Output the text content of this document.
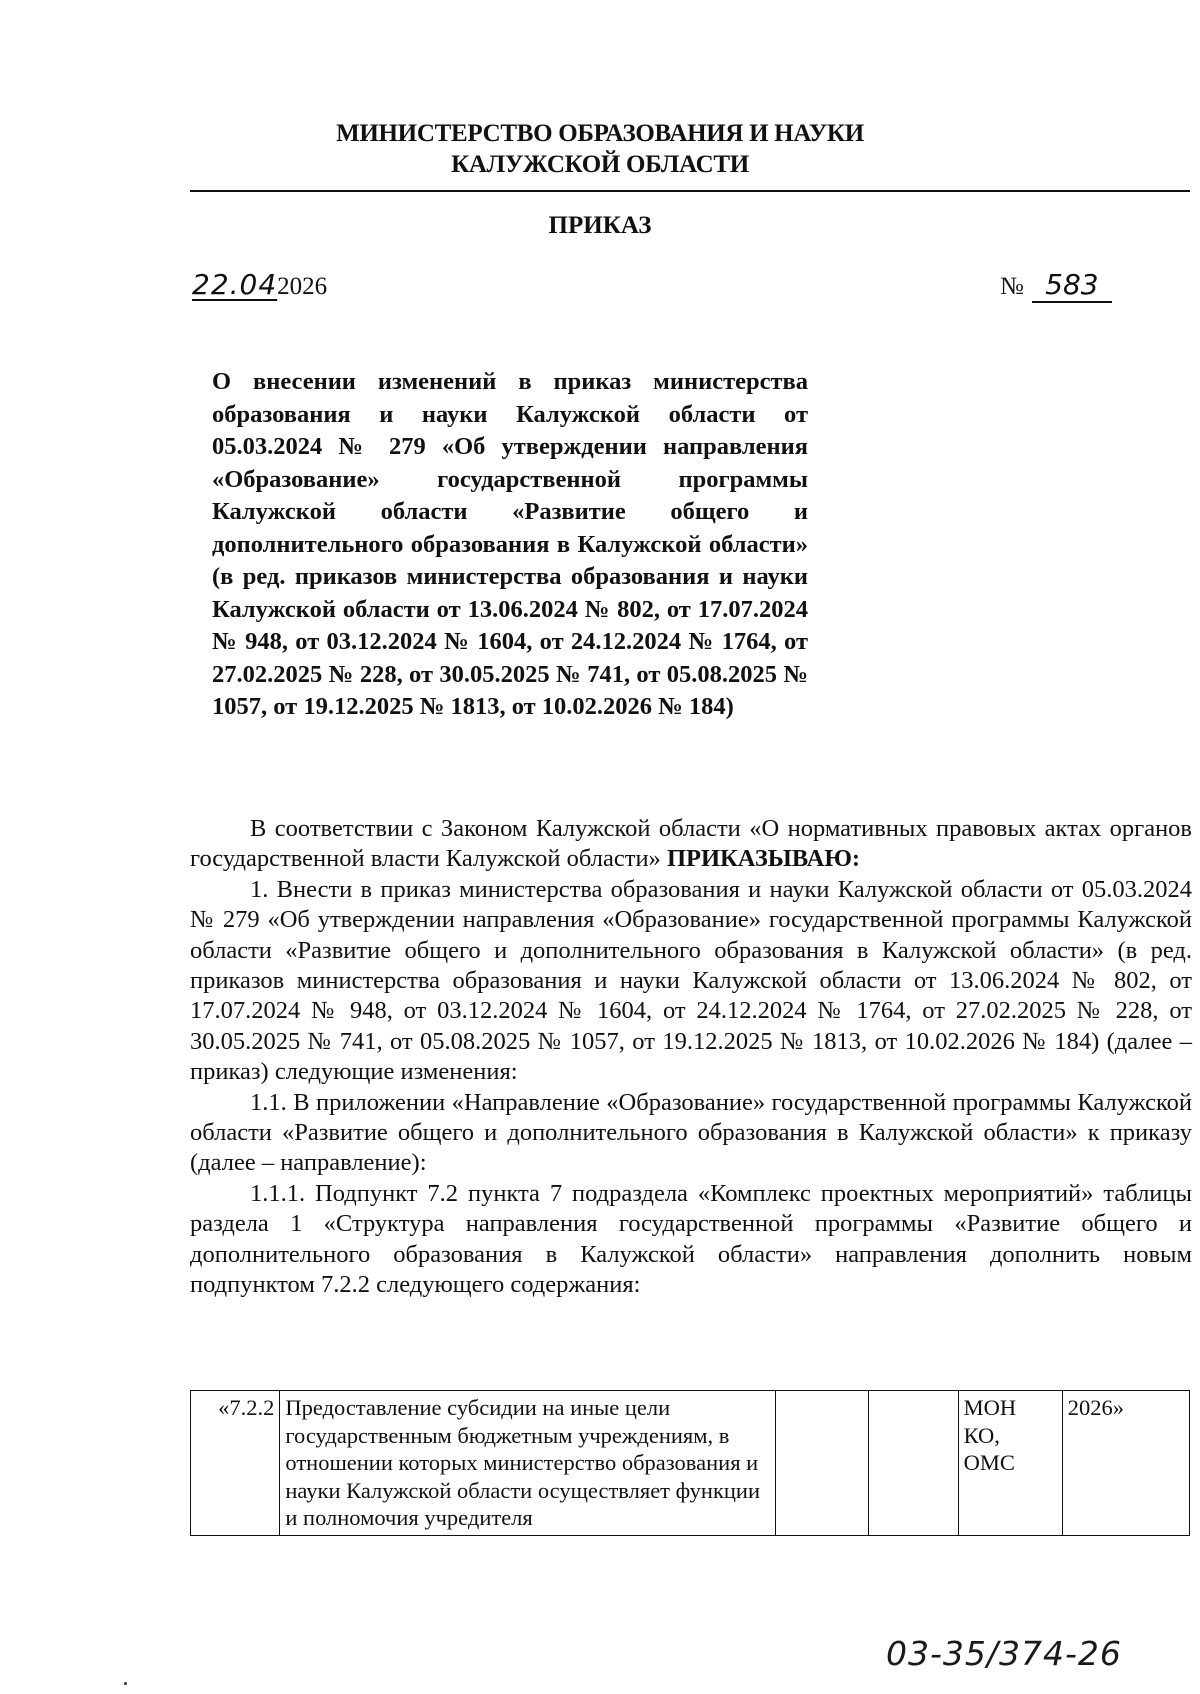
МИНИСТЕРСТВО ОБРАЗОВАНИЯ И НАУКИ
КАЛУЖСКОЙ ОБЛАСТИ
ПРИКАЗ
22.042026	№ 583
О внесении изменений в приказ министерства образования и науки Калужской области от 05.03.2024 № 279 «Об утверждении направления «Образование» государственной программы Калужской области «Развитие общего и дополнительного образования в Калужской области» (в ред. приказов министерства образования и науки Калужской области от 13.06.2024 № 802, от 17.07.2024 № 948, от 03.12.2024 № 1604, от 24.12.2024 № 1764, от 27.02.2025 № 228, от 30.05.2025 № 741, от 05.08.2025 № 1057, от 19.12.2025 № 1813, от 10.02.2026 № 184)

В соответствии с Законом Калужской области «О нормативных правовых актах органов государственной власти Калужской области» ПРИКАЗЫВАЮ:

1. Внести в приказ министерства образования и науки Калужской области от 05.03.2024 № 279 «Об утверждении направления «Образование» государственной программы Калужской области «Развитие общего и дополнительного образования в Калужской области» (в ред. приказов министерства образования и науки Калужской области от 13.06.2024 № 802, от 17.07.2024 № 948, от 03.12.2024 № 1604, от 24.12.2024 № 1764, от 27.02.2025 № 228, от 30.05.2025 № 741, от 05.08.2025 № 1057, от 19.12.2025 № 1813, от 10.02.2026 № 184) (далее – приказ) следующие изменения:

1.1. В приложении «Направление «Образование» государственной программы Калужской области «Развитие общего и дополнительного образования в Калужской области» к приказу (далее – направление):

1.1.1. Подпункт 7.2 пункта 7 подраздела «Комплекс проектных мероприятий» таблицы раздела 1 «Структура направления государственной программы «Развитие общего и дополнительного образования в Калужской области» направления дополнить новым подпунктом 7.2.2 следующего содержания:

«7.2.2	Предоставление субсидии на иные цели государственным бюджетным учреждениям, в отношении которых министерство образования и науки Калужской области осуществляет функции и полномочия учредителя			МОН КО, ОМС	2026»
03-35/374-26
